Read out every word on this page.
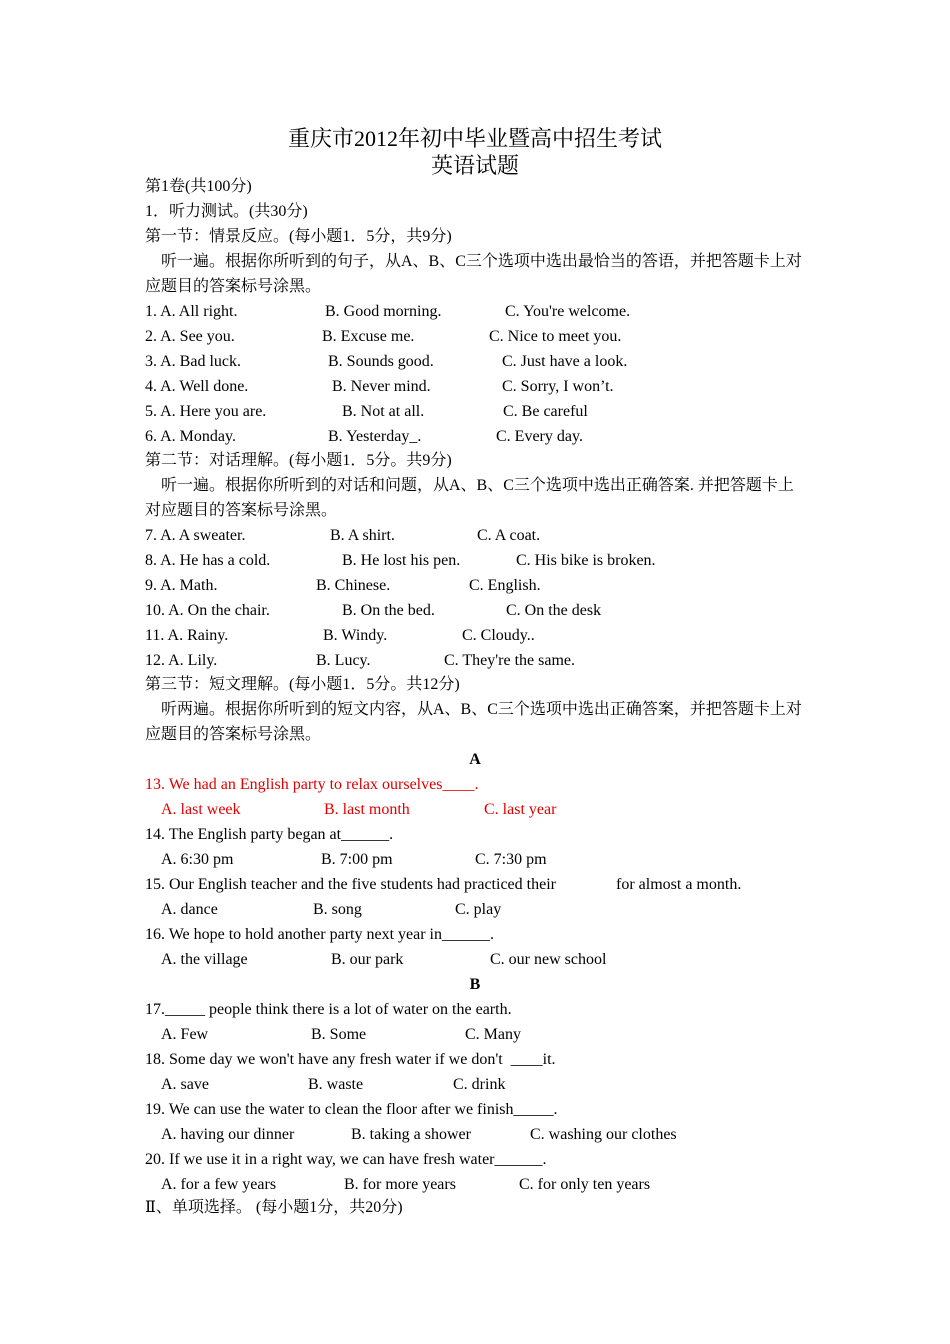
重庆市2012年初中毕业暨高中招生考试
英语试题
第1卷(共100分)
1．听力测试。(共30分)
第一节：情景反应。(每小题1．5分，共9分)
听一遍。根据你所听到的句子，从A、B、C三个选项中选出最恰当的答语，并把答题卡上对
应题目的答案标号涂黑。
1. A. All right.	B. Good morning.	C. You're welcome.
2. A. See you.	B. Excuse me.	C. Nice to meet you.
3. A. Bad luck.	B. Sounds good.	C. Just have a look.
4. A. Well done.	B. Never mind.	C. Sorry, I won’t.
5. A. Here you are.	B. Not at all.	C. Be careful
6. A. Monday.	B. Yesterday_.	C. Every day.
第二节：对话理解。(每小题1．5分。共9分)
听一遍。根据你所听到的对话和问题，从A、B、C三个选项中选出正确答案. 并把答题卡上
对应题目的答案标号涂黑。
7. A. A sweater.	B. A shirt.	C. A coat.
8. A. He has a cold.	B. He lost his pen.	C. His bike is broken.
9. A. Math.	B. Chinese.	C. English.
10. A. On the chair.	B. On the bed.	C. On the desk
11. A. Rainy.	B. Windy.	C. Cloudy..
12. A. Lily.	B. Lucy.	C. They're the same.
第三节：短文理解。(每小题1．5分。共12分)
听两遍。根据你所听到的短文内容，从A、B、C三个选项中选出正确答案，并把答题卡上对
应题目的答案标号涂黑。
A
13. We had an English party to relax ourselves____.
A. last week	B. last month	C. last year
14. The English party began at______.
A. 6:30 pm	B. 7:00 pm	C. 7:30 pm
15. Our English teacher and the five students had practiced their	for almost a month.
A. dance	B. song	C. play
16. We hope to hold another party next year in______.
A. the village	B. our park	C. our new school
B
17._____ people think there is a lot of water on the earth.
A. Few	B. Some	C. Many
18. Some day we won't have any fresh water if we don't  ____it.
A. save	B. waste	C. drink
19. We can use the water to clean the floor after we finish_____.
A. having our dinner	B. taking a shower	C. washing our clothes
20. If we use it in a right way, we can have fresh water______.
A. for a few years	B. for more years	C. for only ten years
Ⅱ、单项选择。 (每小题1分，共20分)
